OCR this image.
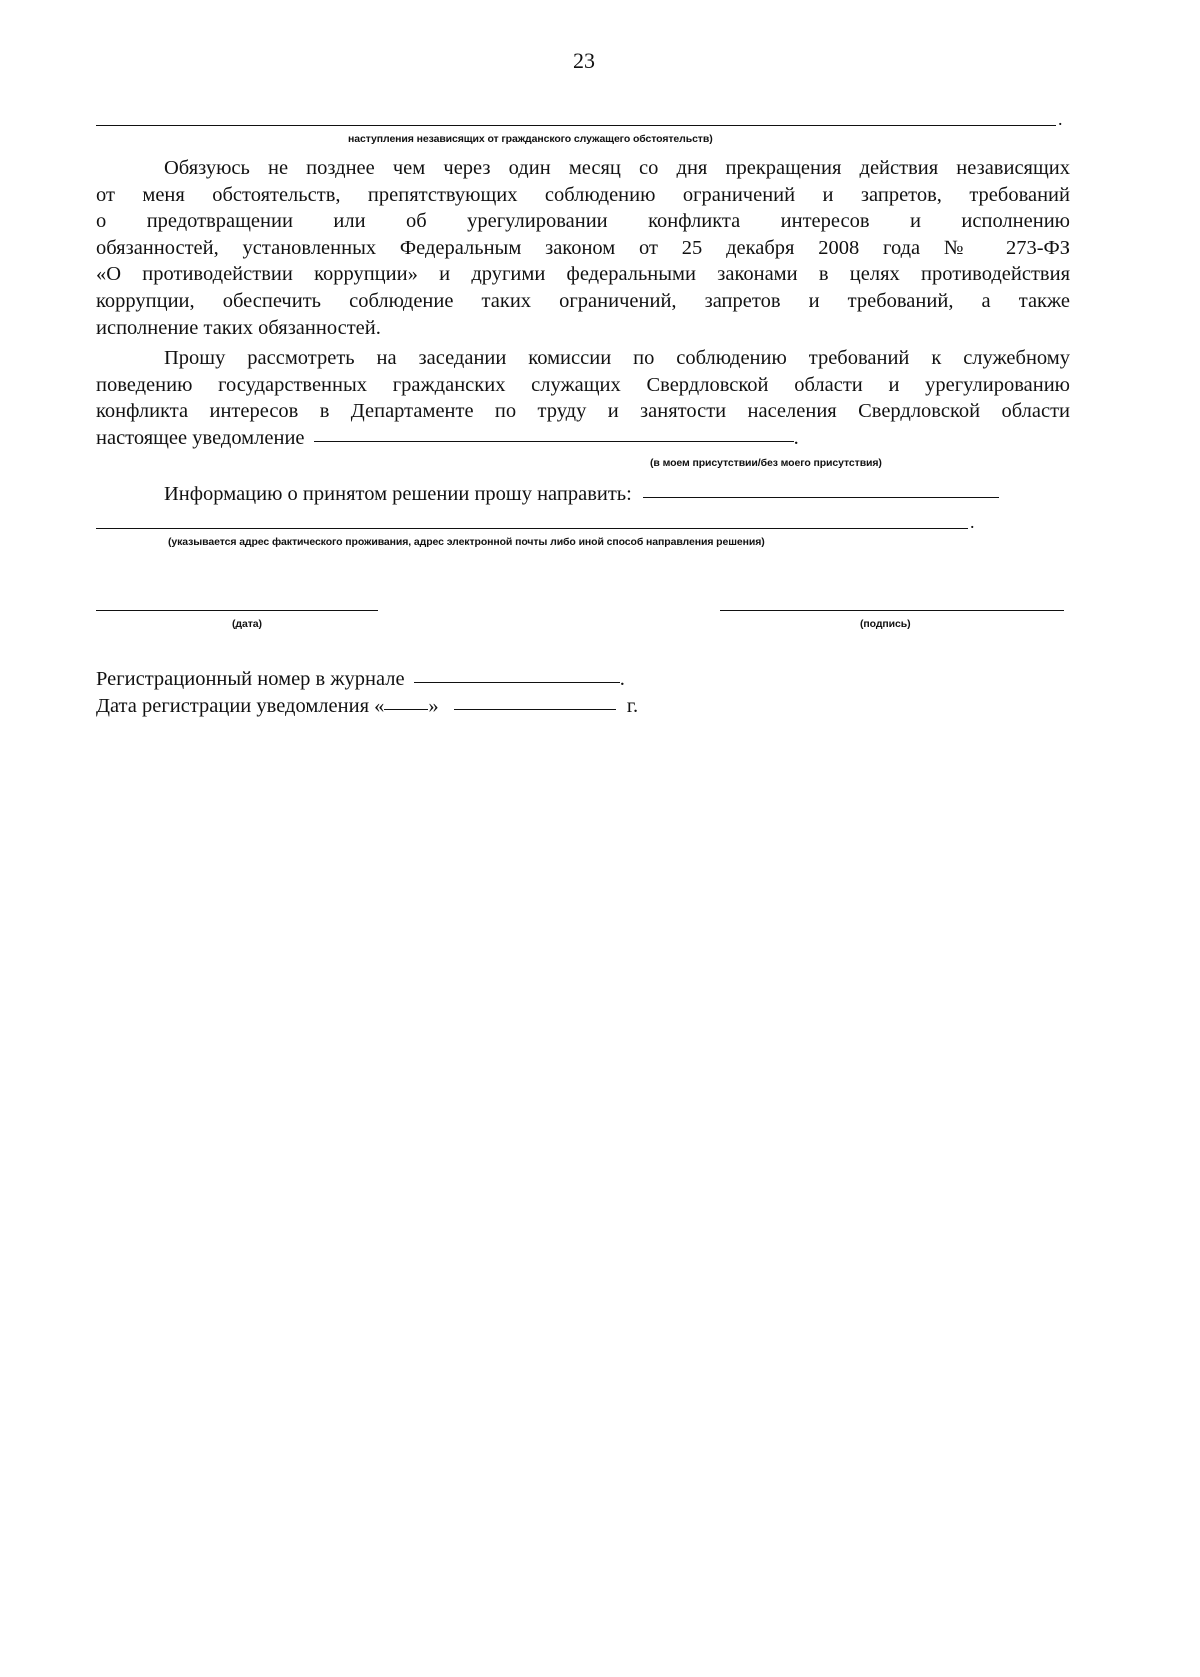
23
.
наступления независящих от гражданского служащего обстоятельств)
Обязуюсь не позднее чем через один месяц со дня прекращения действия независящих
от меня обстоятельств, препятствующих соблюдению ограничений и запретов, требований
о предотвращении или об урегулировании конфликта интересов и исполнению
обязанностей, установленных Федеральным законом от 25 декабря 2008 года № 273-ФЗ
«О противодействии коррупции» и другими федеральными законами в целях противодействия
коррупции, обеспечить соблюдение таких ограничений, запретов и требований, а также
исполнение таких обязанностей.
Прошу рассмотреть на заседании комиссии по соблюдению требований к служебному
поведению государственных гражданских служащих Свердловской области и урегулированию
конфликта интересов в Департаменте по труду и занятости населения Свердловской области
настоящее уведомление	.
(в моем присутствии/без моего присутствия)
Информацию о принятом решении прошу направить:
.
(указывается адрес фактического проживания, адрес электронной почты либо иной способ направления решения)
(дата)	(подпись)
Регистрационный номер в журнале	.
Дата регистрации уведомления « »	г.
